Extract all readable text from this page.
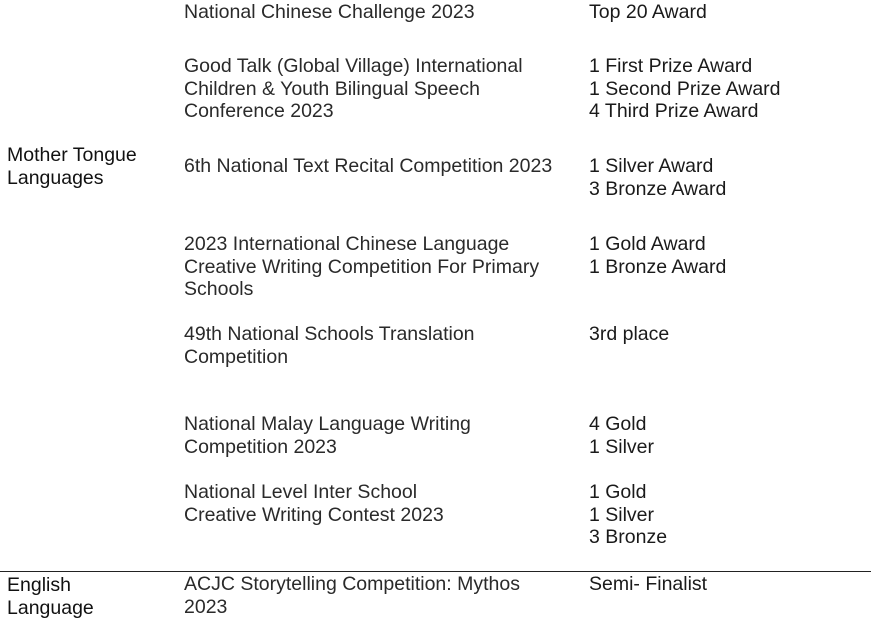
Mother Tongue
Languages
National Chinese Challenge 2023	Top 20 Award
Good Talk (Global Village) International
Children & Youth Bilingual Speech
Conference 2023
1 First Prize Award
1 Second Prize Award
4 Third Prize Award
6th National Text Recital Competition 2023	1 Silver Award
3 Bronze Award
2023 International Chinese Language
Creative Writing Competition For Primary
Schools
1 Gold Award
1 Bronze Award
49th National Schools Translation
Competition
3rd place
National Malay Language Writing
Competition 2023
4 Gold
1 Silver
National Level Inter School
Creative Writing Contest 2023
1 Gold
1 Silver
3 Bronze
English
Language
ACJC Storytelling Competition: Mythos
2023
Semi- Finalist
